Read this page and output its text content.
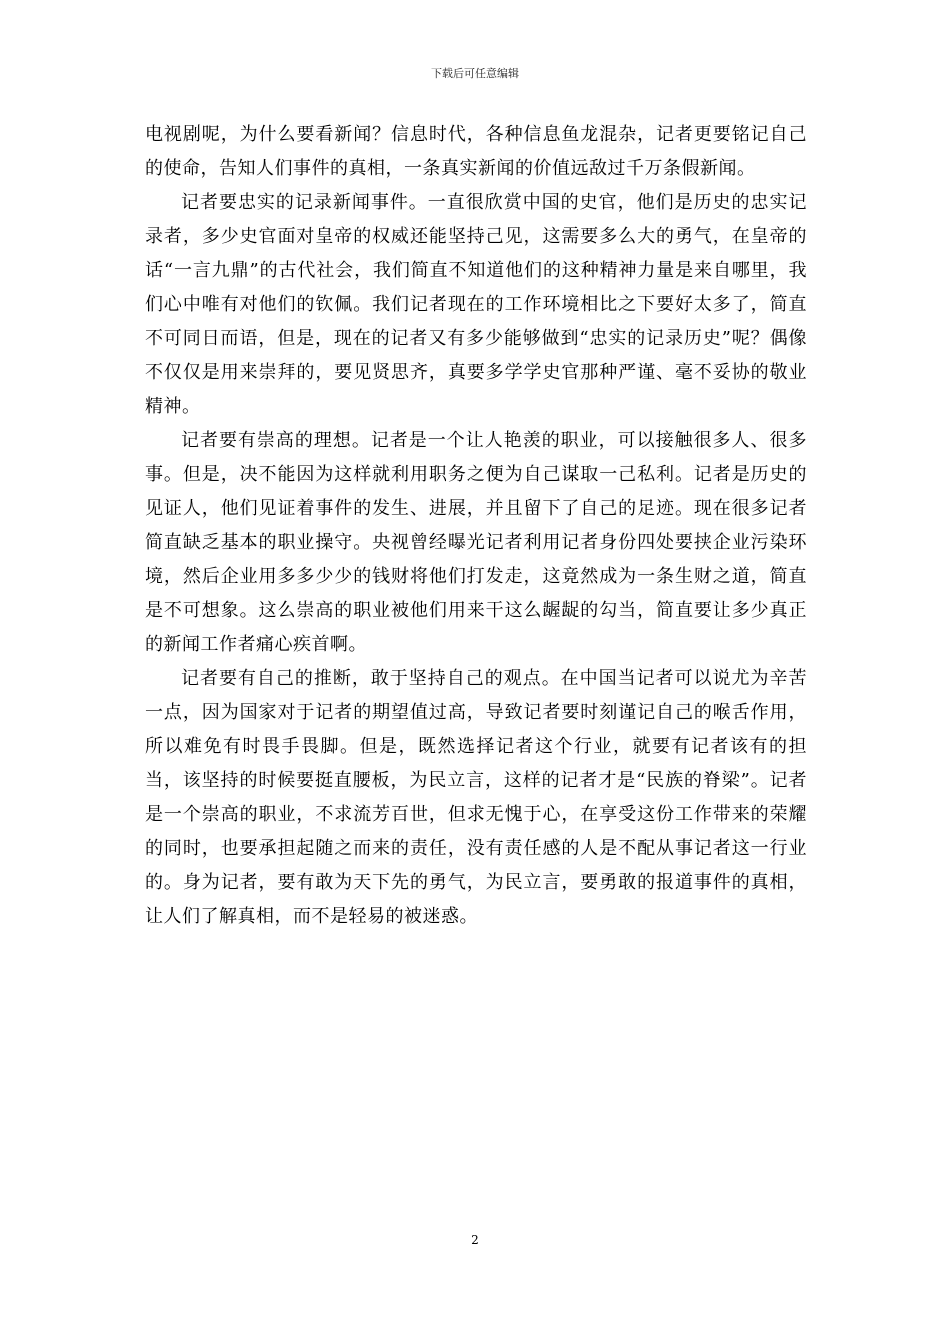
下载后可任意编辑

电视剧呢，为什么要看新闻？信息时代，各种信息鱼龙混杂，记者更要铭记自己的使命，告知人们事件的真相，一条真实新闻的价值远敌过千万条假新闻。

记者要忠实的记录新闻事件。一直很欣赏中国的史官，他们是历史的忠实记录者，多少史官面对皇帝的权威还能坚持己见，这需要多么大的勇气，在皇帝的话“一言九鼎”的古代社会，我们简直不知道他们的这种精神力量是来自哪里，我们心中唯有对他们的钦佩。我们记者现在的工作环境相比之下要好太多了，简直不可同日而语，但是，现在的记者又有多少能够做到“忠实的记录历史”呢？偶像不仅仅是用来崇拜的，要见贤思齐，真要多学学史官那种严谨、毫不妥协的敬业精神。

记者要有崇高的理想。记者是一个让人艳羡的职业，可以接触很多人、很多事。但是，决不能因为这样就利用职务之便为自己谋取一己私利。记者是历史的见证人，他们见证着事件的发生、进展，并且留下了自己的足迹。现在很多记者简直缺乏基本的职业操守。央视曾经曝光记者利用记者身份四处要挟企业污染环境，然后企业用多多少少的钱财将他们打发走，这竟然成为一条生财之道，简直是不可想象。这么崇高的职业被他们用来干这么龌龊的勾当，简直要让多少真正的新闻工作者痛心疾首啊。

记者要有自己的推断，敢于坚持自己的观点。在中国当记者可以说尤为辛苦一点，因为国家对于记者的期望值过高，导致记者要时刻谨记自己的喉舌作用，所以难免有时畏手畏脚。但是，既然选择记者这个行业，就要有记者该有的担当，该坚持的时候要挺直腰板，为民立言，这样的记者才是“民族的脊梁”。记者是一个崇高的职业，不求流芳百世，但求无愧于心，在享受这份工作带来的荣耀的同时，也要承担起随之而来的责任，没有责任感的人是不配从事记者这一行业的。身为记者，要有敢为天下先的勇气，为民立言，要勇敢的报道事件的真相，让人们了解真相，而不是轻易的被迷惑。

2
